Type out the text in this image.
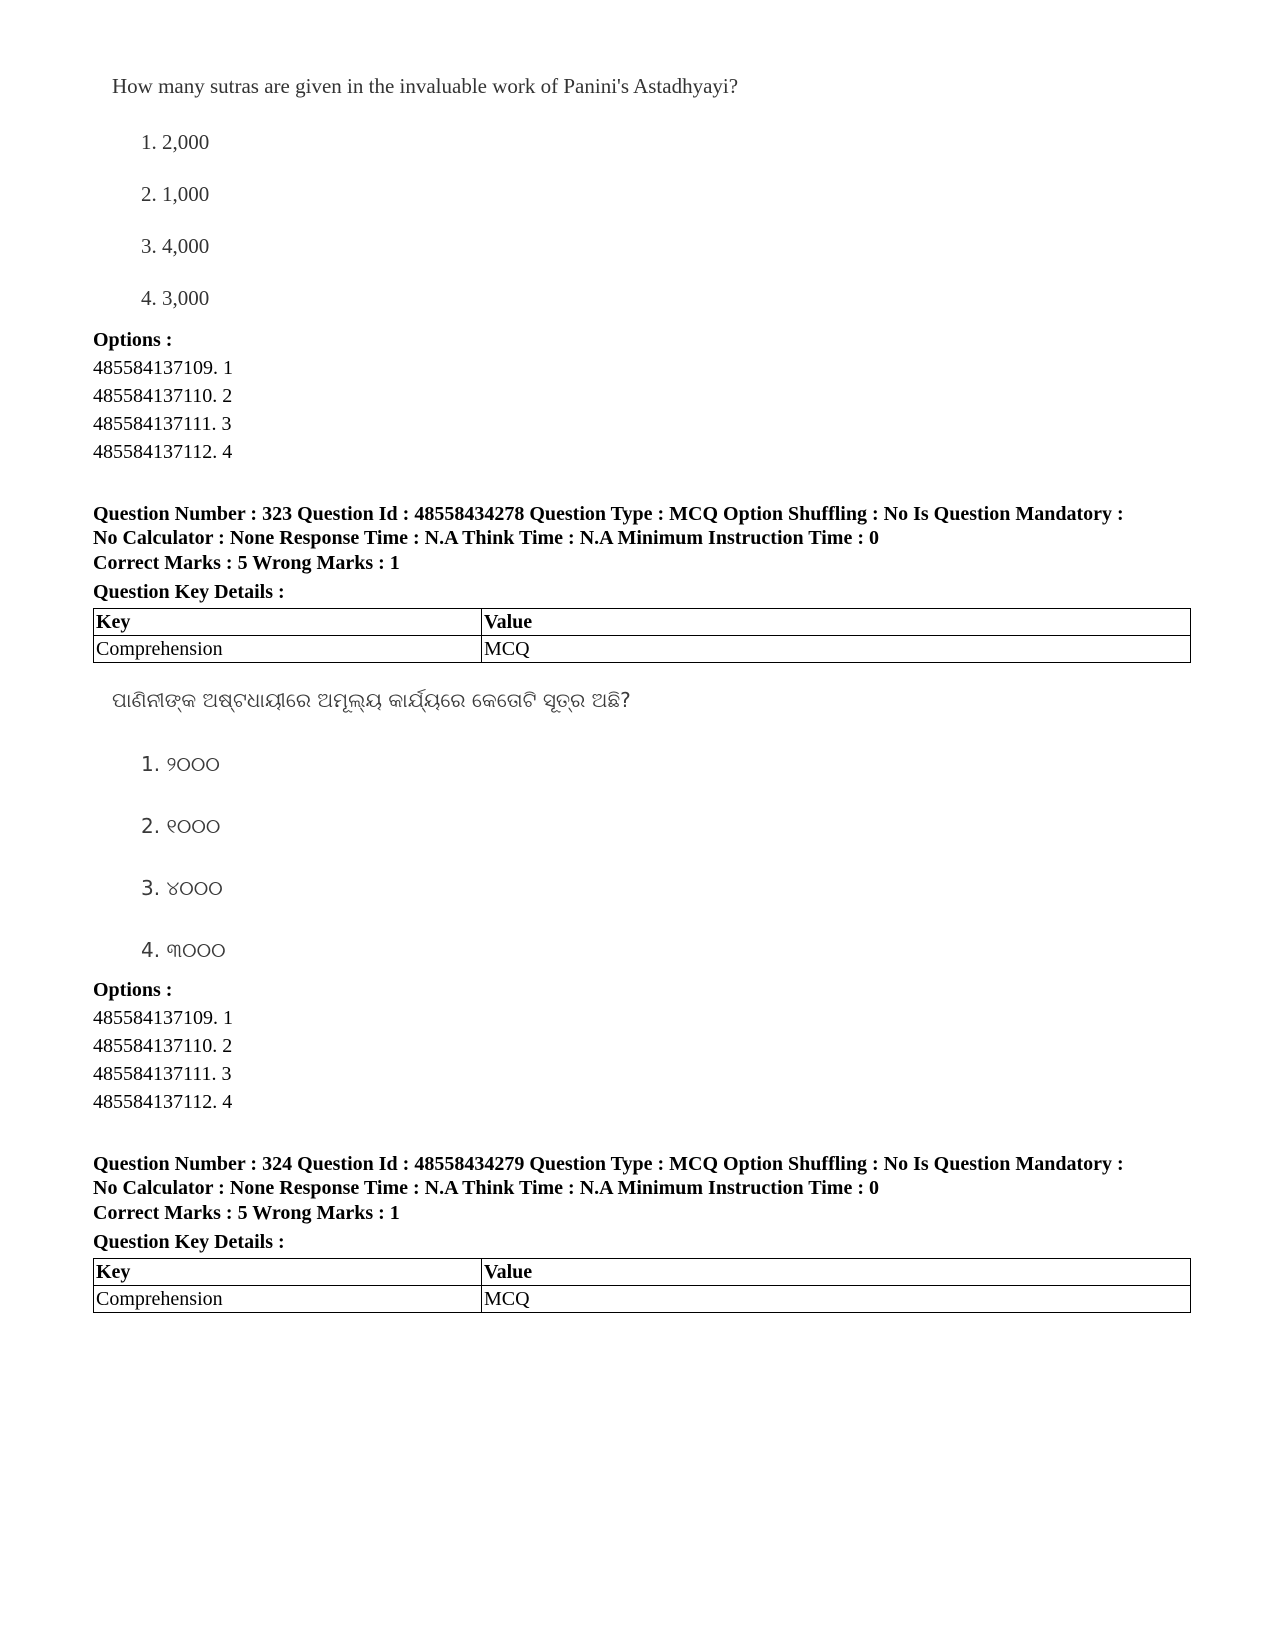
How many sutras are given in the invaluable work of Panini's Astadhyayi?
1. 2,000
2. 1,000
3. 4,000
4. 3,000
Options :
485584137109. 1
485584137110. 2
485584137111. 3
485584137112. 4
Question Number : 323 Question Id : 48558434278 Question Type : MCQ Option Shuffling : No Is Question Mandatory :
No Calculator : None Response Time : N.A Think Time : N.A Minimum Instruction Time : 0
Correct Marks : 5 Wrong Marks : 1
Question Key Details :
Key	Value
Comprehension	MCQ
ପାଣିନୀଙ୍କ ଅଷ୍ଟଧାୟୀରେ ଅମୂଲ୍ୟ କାର୍ଯ୍ୟରେ କେତୋଟି ସୂତ୍ର ଅଛି?
1. ୨୦୦୦
2. ୧୦୦୦
3. ୪୦୦୦
4. ୩୦୦୦
Options :
485584137109. 1
485584137110. 2
485584137111. 3
485584137112. 4
Question Number : 324 Question Id : 48558434279 Question Type : MCQ Option Shuffling : No Is Question Mandatory :
No Calculator : None Response Time : N.A Think Time : N.A Minimum Instruction Time : 0
Correct Marks : 5 Wrong Marks : 1
Question Key Details :
Key	Value
Comprehension	MCQ
